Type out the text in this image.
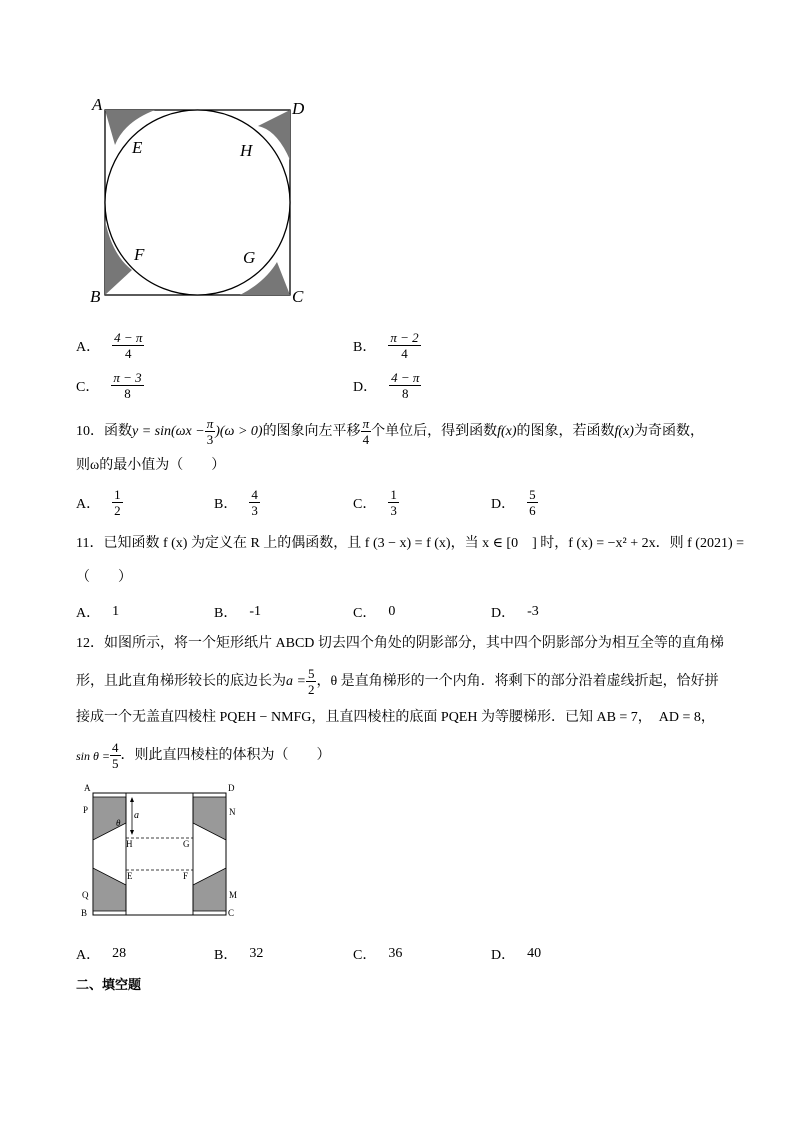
A	D
B	C
E	H
F	G
A． $\frac{4 - \pi}{4}$	B． $\frac{\pi - 2}{4}$
C． $\frac{\pi - 3}{8}$	D． $\frac{4 - \pi}{8}$
10．函数 $y = \sin(\omega x - \frac{\pi}{3} )(\omega > 0)$ 的图象向左平移 $\frac{\pi}{4}$ 个单位后，得到函数 f(x) 的图象，若函数 f(x) 为奇函数，
则ω的最小值为（　　）
A． $\frac{1}{2}$	B． $\frac{4}{3}$	C． $\frac{1}{3}$	D． $\frac{5}{6}$
11．已知函数 f (x) 为定义在 R 上的偶函数，且 f (3 − x) = f (x)，当 x ∈ [0　] 时，f (x) = −x² + 2x．则 f (2021) =
（　　）
A． 1	B． -1	C． 0	D． -3
12．如图所示，将一个矩形纸片 ABCD 切去四个角处的阴影部分，其中四个阴影部分为相互全等的直角梯
形，且此直角梯形较长的底边长为 $a = \frac{5}{2}$ ，θ 是直角梯形的一个内角．将剩下的部分沿着虚线折起，恰好拼
接成一个无盖直四棱柱 PQEH − NMFG，且直四棱柱的底面 PQEH 为等腰梯形．已知 AB = 7，　AD = 8，
$\sin \theta = \frac{4}{5}$ ．则此直四棱柱的体积为（　　）
a
θ
A	D
P	N
H	G
E	F
Q	M
B	C
A． 28	B． 32	C． 36	D． 40
二、填空题
